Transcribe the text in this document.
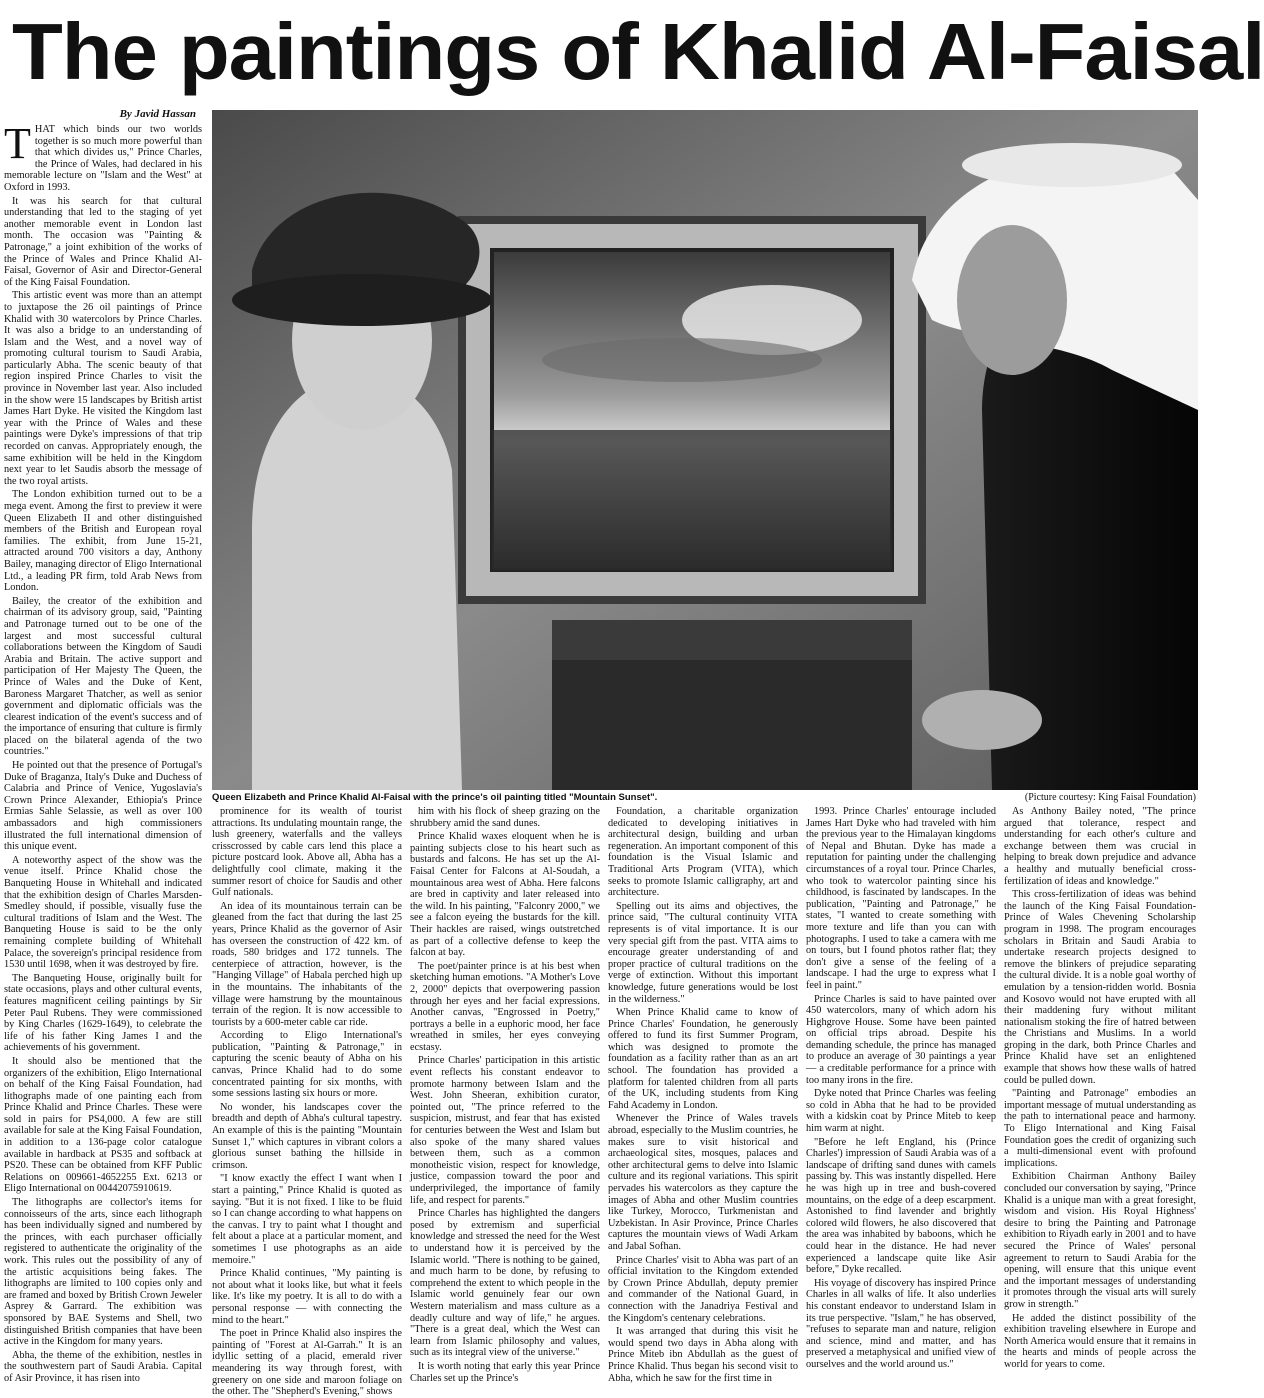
The paintings of Khalid Al-Faisal
By Javid Hassan

THAT which binds our two worlds together is so much more powerful than that which divides us," Prince Charles, the Prince of Wales, had declared in his memorable lecture on "Islam and the West" at Oxford in 1993.

It was his search for that cultural understanding that led to the staging of yet another memorable event in London last month. The occasion was "Painting & Patronage," a joint exhibition of the works of the Prince of Wales and Prince Khalid Al-Faisal, Governor of Asir and Director-General of the King Faisal Foundation.

This artistic event was more than an attempt to juxtapose the 26 oil paintings of Prince Khalid with 30 watercolors by Prince Charles. It was also a bridge to an understanding of Islam and the West, and a novel way of promoting cultural tourism to Saudi Arabia, particularly Abha. The scenic beauty of that region inspired Prince Charles to visit the province in November last year. Also included in the show were 15 landscapes by British artist James Hart Dyke. He visited the Kingdom last year with the Prince of Wales and these paintings were Dyke's impressions of that trip recorded on canvas. Appropriately enough, the same exhibition will be held in the Kingdom next year to let Saudis absorb the message of the two royal artists.

The London exhibition turned out to be a mega event. Among the first to preview it were Queen Elizabeth II and other distinguished members of the British and European royal families. The exhibit, from June 15-21, attracted around 700 visitors a day, Anthony Bailey, managing director of Eligo International Ltd., a leading PR firm, told Arab News from London.

Bailey, the creator of the exhibition and chairman of its advisory group, said, "Painting and Patronage turned out to be one of the largest and most successful cultural collaborations between the Kingdom of Saudi Arabia and Britain. The active support and participation of Her Majesty The Queen, the Prince of Wales and the Duke of Kent, Baroness Margaret Thatcher, as well as senior government and diplomatic officials was the clearest indication of the event's success and of the importance of ensuring that culture is firmly placed on the bilateral agenda of the two countries."

He pointed out that the presence of Portugal's Duke of Braganza, Italy's Duke and Duchess of Calabria and Prince of Venice, Yugoslavia's Crown Prince Alexander, Ethiopia's Prince Ermias Sahle Selassie, as well as over 100 ambassadors and high commissioners illustrated the full international dimension of this unique event.

A noteworthy aspect of the show was the venue itself. Prince Khalid chose the Banqueting House in Whitehall and indicated that the exhibition design of Charles Marsden-Smedley should, if possible, visually fuse the cultural traditions of Islam and the West. The Banqueting House is said to be the only remaining complete building of Whitehall Palace, the sovereign's principal residence from 1530 until 1698, when it was destroyed by fire.

The Banqueting House, originally built for state occasions, plays and other cultural events, features magnificent ceiling paintings by Sir Peter Paul Rubens. They were commissioned by King Charles (1629-1649), to celebrate the life of his father King James I and the achievements of his government.

It should also be mentioned that the organizers of the exhibition, Eligo International on behalf of the King Faisal Foundation, had lithographs made of one painting each from Prince Khalid and Prince Charles. These were sold in pairs for PS4,000. A few are still available for sale at the King Faisal Foundation, in addition to a 136-page color catalogue available in hardback at PS35 and softback at PS20. These can be obtained from KFF Public Relations on 009661-4652255 Ext. 6213 or Eligo International on 00442075910619.

The lithographs are collector's items for connoisseurs of the arts, since each lithograph has been individually signed and numbered by the princes, with each purchaser officially registered to authenticate the originality of the work. This rules out the possibility of any of the artistic acquisitions being fakes. The lithographs are limited to 100 copies only and are framed and boxed by British Crown Jeweler Asprey & Garrard. The exhibition was sponsored by BAE Systems and Shell, two distinguished British companies that have been active in the Kingdom for many years.

Abha, the theme of the exhibition, nestles in the southwestern part of Saudi Arabia. Capital of Asir Province, it has risen into

Queen Elizabeth and Prince Khalid Al-Faisal with the prince's oil painting titled "Mountain Sunset".	(Picture courtesy: King Faisal Foundation)

prominence for its wealth of tourist attractions. Its undulating mountain range, the lush greenery, waterfalls and the valleys crisscrossed by cable cars lend this place a picture postcard look. Above all, Abha has a delightfully cool climate, making it the summer resort of choice for Saudis and other Gulf nationals.

An idea of its mountainous terrain can be gleaned from the fact that during the last 25 years, Prince Khalid as the governor of Asir has overseen the construction of 422 km. of roads, 580 bridges and 172 tunnels. The centerpiece of attraction, however, is the "Hanging Village" of Habala perched high up in the mountains. The inhabitants of the village were hamstrung by the mountainous terrain of the region. It is now accessible to tourists by a 600-meter cable car ride.

According to Eligo International's publication, "Painting & Patronage," in capturing the scenic beauty of Abha on his canvas, Prince Khalid had to do some concentrated painting for six months, with some sessions lasting six hours or more.

No wonder, his landscapes cover the breadth and depth of Abha's cultural tapestry. An example of this is the painting "Mountain Sunset 1," which captures in vibrant colors a glorious sunset bathing the hillside in crimson.

"I know exactly the effect I want when I start a painting," Prince Khalid is quoted as saying. "But it is not fixed. I like to be fluid so I can change according to what happens on the canvas. I try to paint what I thought and felt about a place at a particular moment, and sometimes I use photographs as an aide memoire."

Prince Khalid continues, "My painting is not about what it looks like, but what it feels like. It's like my poetry. It is all to do with a personal response — with connecting the mind to the heart."

The poet in Prince Khalid also inspires the painting of "Forest at Al-Garrah." It is an idyllic setting of a placid, emerald river meandering its way through forest, with greenery on one side and maroon foliage on the other. The "Shepherd's Evening," shows

him with his flock of sheep grazing on the shrubbery amid the sand dunes.

Prince Khalid waxes eloquent when he is painting subjects close to his heart such as bustards and falcons. He has set up the Al-Faisal Center for Falcons at Al-Soudah, a mountainous area west of Abha. Here falcons are bred in captivity and later released into the wild. In his painting, "Falconry 2000," we see a falcon eyeing the bustards for the kill. Their hackles are raised, wings outstretched as part of a collective defense to keep the falcon at bay.

The poet/painter prince is at his best when sketching human emotions. "A Mother's Love 2, 2000" depicts that overpowering passion through her eyes and her facial expressions. Another canvas, "Engrossed in Poetry," portrays a belle in a euphoric mood, her face wreathed in smiles, her eyes conveying ecstasy.

Prince Charles' participation in this artistic event reflects his constant endeavor to promote harmony between Islam and the West. John Sheeran, exhibition curator, pointed out, "The prince referred to the suspicion, mistrust, and fear that has existed for centuries between the West and Islam but also spoke of the many shared values between them, such as a common monotheistic vision, respect for knowledge, justice, compassion toward the poor and underprivileged, the importance of family life, and respect for parents."

Prince Charles has highlighted the dangers posed by extremism and superficial knowledge and stressed the need for the West to understand how it is perceived by the Islamic world. "There is nothing to be gained, and much harm to be done, by refusing to comprehend the extent to which people in the Islamic world genuinely fear our own Western materialism and mass culture as a deadly culture and way of life," he argues. "There is a great deal, which the West can learn from Islamic philosophy and values, such as its integral view of the universe."

It is worth noting that early this year Prince Charles set up the Prince's

Foundation, a charitable organization dedicated to developing initiatives in architectural design, building and urban regeneration. An important component of this foundation is the Visual Islamic and Traditional Arts Program (VITA), which seeks to promote Islamic calligraphy, art and architecture.

Spelling out its aims and objectives, the prince said, "The cultural continuity VITA represents is of vital importance. It is our very special gift from the past. VITA aims to encourage greater understanding of and proper practice of cultural traditions on the verge of extinction. Without this important knowledge, future generations would be lost in the wilderness."

When Prince Khalid came to know of Prince Charles' Foundation, he generously offered to fund its first Summer Program, which was designed to promote the foundation as a facility rather than as an art school. The foundation has provided a platform for talented children from all parts of the UK, including students from King Fahd Academy in London.

Whenever the Prince of Wales travels abroad, especially to the Muslim countries, he makes sure to visit historical and archaeological sites, mosques, palaces and other architectural gems to delve into Islamic culture and its regional variations. This spirit pervades his watercolors as they capture the images of Abha and other Muslim countries like Turkey, Morocco, Turkmenistan and Uzbekistan. In Asir Province, Prince Charles captures the mountain views of Wadi Arkam and Jabal Sofhan.

Prince Charles' visit to Abha was part of an official invitation to the Kingdom extended by Crown Prince Abdullah, deputy premier and commander of the National Guard, in connection with the Janadriya Festival and the Kingdom's centenary celebrations.

It was arranged that during this visit he would spend two days in Abha along with Prince Miteb ibn Abdullah as the guest of Prince Khalid. Thus began his second visit to Abha, which he saw for the first time in

1993. Prince Charles' entourage included James Hart Dyke who had traveled with him the previous year to the Himalayan kingdoms of Nepal and Bhutan. Dyke has made a reputation for painting under the challenging circumstances of a royal tour. Prince Charles, who took to watercolor painting since his childhood, is fascinated by landscapes. In the publication, "Painting and Patronage," he states, "I wanted to create something with more texture and life than you can with photographs. I used to take a camera with me on tours, but I found photos rather flat; they don't give a sense of the feeling of a landscape. I had the urge to express what I feel in paint."

Prince Charles is said to have painted over 450 watercolors, many of which adorn his Highgrove House. Some have been painted on official trips abroad. Despite his demanding schedule, the prince has managed to produce an average of 30 paintings a year — a creditable performance for a prince with too many irons in the fire.

Dyke noted that Prince Charles was feeling so cold in Abha that he had to be provided with a kidskin coat by Prince Miteb to keep him warm at night.

"Before he left England, his (Prince Charles') impression of Saudi Arabia was of a landscape of drifting sand dunes with camels passing by. This was instantly dispelled. Here he was high up in tree and bush-covered mountains, on the edge of a deep escarpment. Astonished to find lavender and brightly colored wild flowers, he also discovered that the area was inhabited by baboons, which he could hear in the distance. He had never experienced a landscape quite like Asir before," Dyke recalled.

His voyage of discovery has inspired Prince Charles in all walks of life. It also underlies his constant endeavor to understand Islam in its true perspective. "Islam," he has observed, "refuses to separate man and nature, religion and science, mind and matter, and has preserved a metaphysical and unified view of ourselves and the world around us."

As Anthony Bailey noted, "The prince argued that tolerance, respect and understanding for each other's culture and exchange between them was crucial in helping to break down prejudice and advance a healthy and mutually beneficial cross-fertilization of ideas and knowledge."

This cross-fertilization of ideas was behind the launch of the King Faisal Foundation-Prince of Wales Chevening Scholarship program in 1998. The program encourages scholars in Britain and Saudi Arabia to undertake research projects designed to remove the blinkers of prejudice separating the cultural divide. It is a noble goal worthy of emulation by a tension-ridden world. Bosnia and Kosovo would not have erupted with all their maddening fury without militant nationalism stoking the fire of hatred between the Christians and Muslims. In a world groping in the dark, both Prince Charles and Prince Khalid have set an enlightened example that shows how these walls of hatred could be pulled down.

"Painting and Patronage" embodies an important message of mutual understanding as the path to international peace and harmony. To Eligo International and King Faisal Foundation goes the credit of organizing such a multi-dimensional event with profound implications.

Exhibition Chairman Anthony Bailey concluded our conversation by saying, "Prince Khalid is a unique man with a great foresight, wisdom and vision. His Royal Highness' desire to bring the Painting and Patronage exhibition to Riyadh early in 2001 and to have secured the Prince of Wales' personal agreement to return to Saudi Arabia for the opening, will ensure that this unique event and the important messages of understanding it promotes through the visual arts will surely grow in strength."

He added the distinct possibility of the exhibition traveling elsewhere in Europe and North America would ensure that it remains in the hearts and minds of people across the world for years to come.
